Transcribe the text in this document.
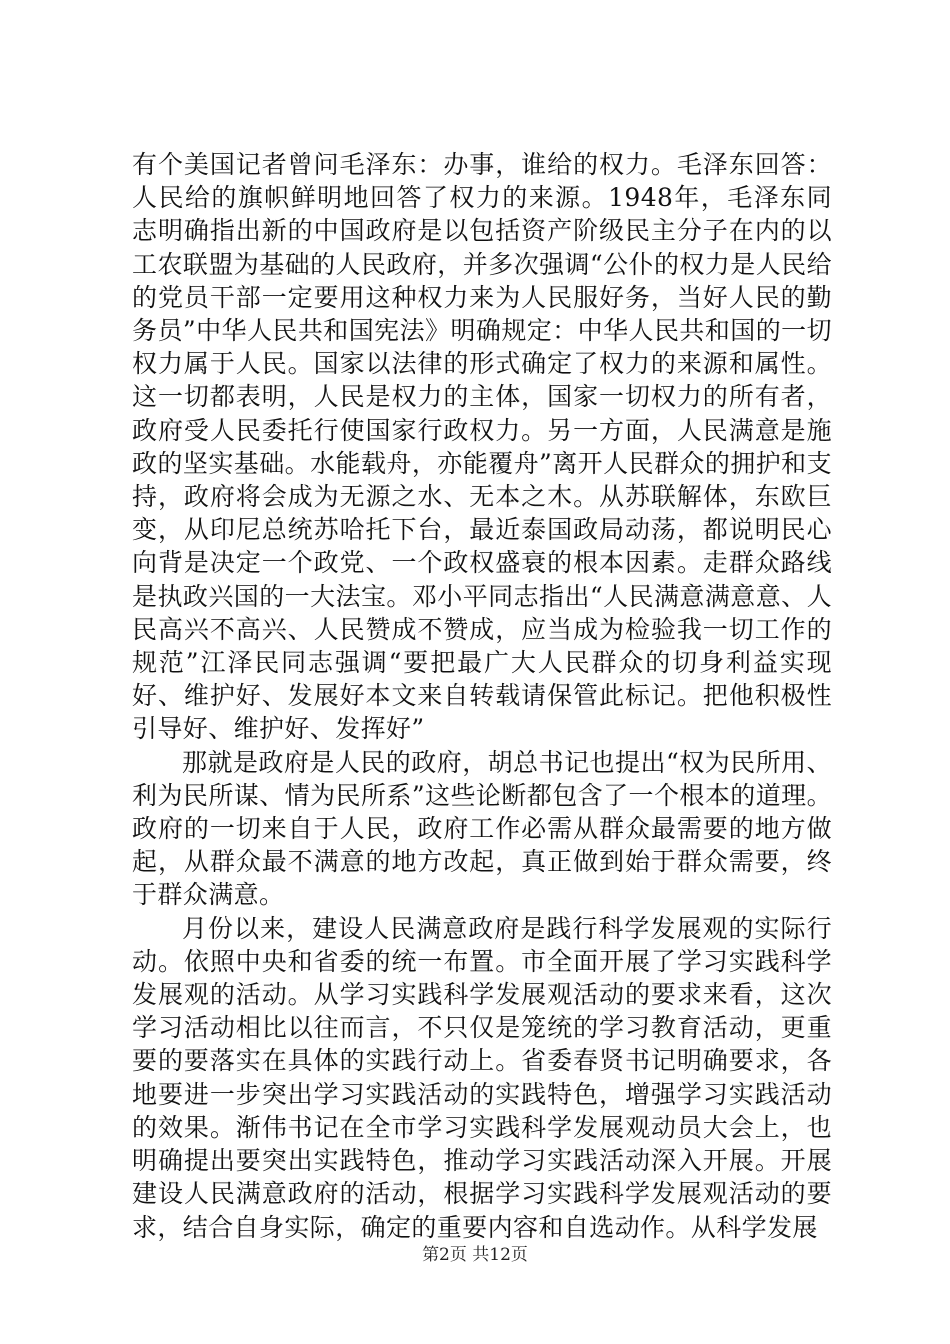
有个美国记者曾问毛泽东：办事，谁给的权力。毛泽东回答：人民给的旗帜鲜明地回答了权力的来源。1948年，毛泽东同志明确指出新的中国政府是以包括资产阶级民主分子在内的以工农联盟为基础的人民政府，并多次强调“公仆的权力是人民给的党员干部一定要用这种权力来为人民服好务，当好人民的勤务员”中华人民共和国宪法》明确规定：中华人民共和国的一切权力属于人民。国家以法律的形式确定了权力的来源和属性。这一切都表明，人民是权力的主体，国家一切权力的所有者，政府受人民委托行使国家行政权力。另一方面，人民满意是施政的坚实基础。水能载舟，亦能覆舟”离开人民群众的拥护和支持，政府将会成为无源之水、无本之木。从苏联解体，东欧巨变，从印尼总统苏哈托下台，最近泰国政局动荡，都说明民心向背是决定一个政党、一个政权盛衰的根本因素。走群众路线是执政兴国的一大法宝。邓小平同志指出“人民满意满意意、人民高兴不高兴、人民赞成不赞成，应当成为检验我一切工作的规范”江泽民同志强调“要把最广大人民群众的切身利益实现好、维护好、发展好本文来自转载请保管此标记。把他积极性引导好、维护好、发挥好”

那就是政府是人民的政府，胡总书记也提出“权为民所用、利为民所谋、情为民所系”这些论断都包含了一个根本的道理。政府的一切来自于人民，政府工作必需从群众最需要的地方做起，从群众最不满意的地方改起，真正做到始于群众需要，终于群众满意。

月份以来，建设人民满意政府是践行科学发展观的实际行动。依照中央和省委的统一布置。市全面开展了学习实践科学发展观的活动。从学习实践科学发展观活动的要求来看，这次学习活动相比以往而言，不只仅是笼统的学习教育活动，更重要的要落实在具体的实践行动上。省委春贤书记明确要求，各地要进一步突出学习实践活动的实践特色，增强学习实践活动的效果。渐伟书记在全市学习实践科学发展观动员大会上，也明确提出要突出实践特色，推动学习实践活动深入开展。开展建设人民满意政府的活动，根据学习实践科学发展观活动的要求，结合自身实际，确定的重要内容和自选动作。从科学发展

第2页 共12页
